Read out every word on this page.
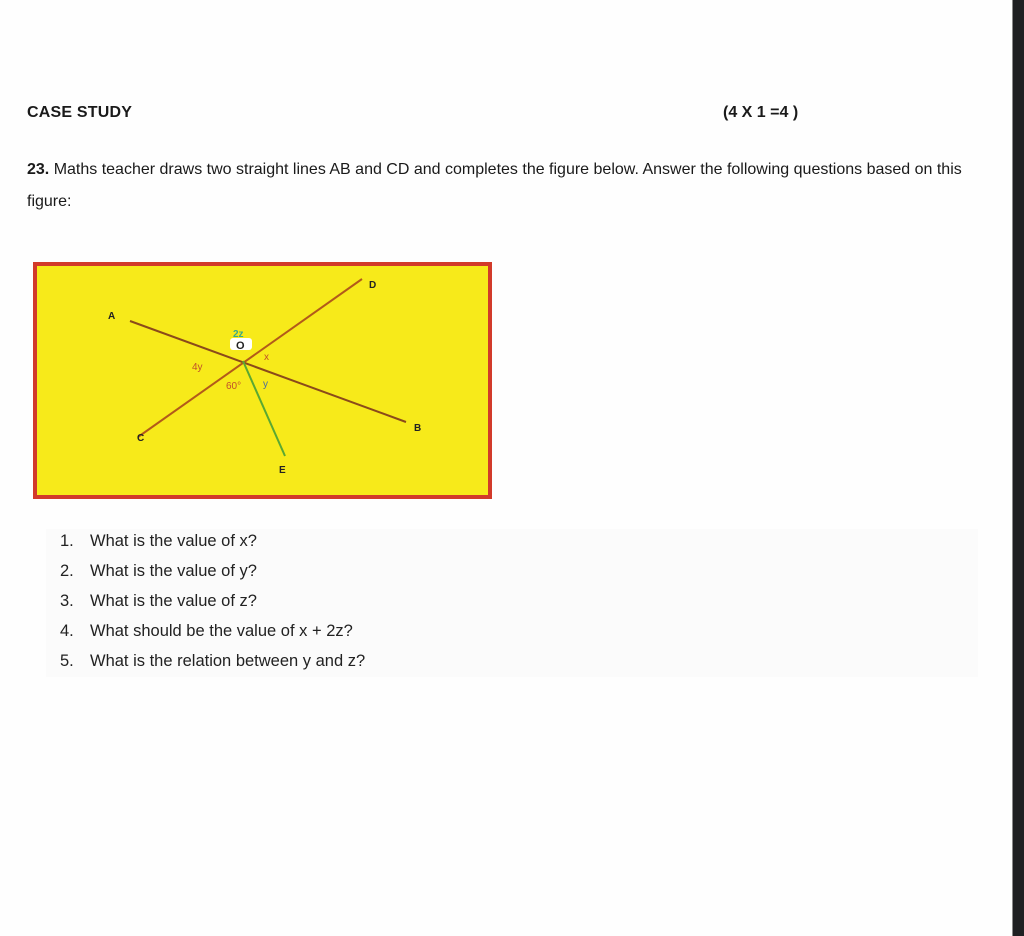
CASE STUDY	(4 X 1 =4 )
23. Maths teacher draws two straight lines AB and CD and completes the figure below. Answer the following questions based on this figure:
A
B
C
D
E
O
2z
x
4y
60° y
1. What is the value of x?
2. What is the value of y?
3. What is the value of z?
4. What should be the value of x + 2z?
5. What is the relation between y and z?
